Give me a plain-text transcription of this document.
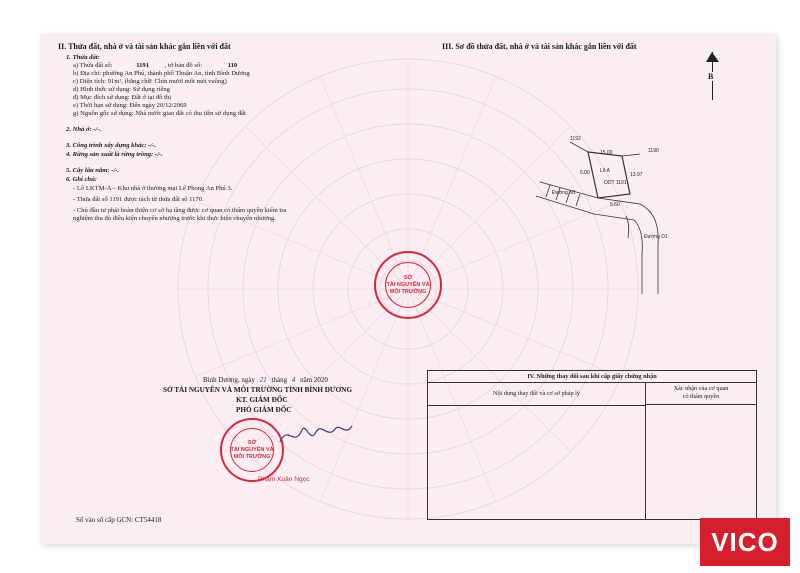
II. Thửa đất, nhà ở và tài sản khác gắn liền với đất
1. Thửa đất:
a) Thửa đất số:	1191 , tờ bản đồ số:	110
b) Địa chỉ: phường An Phú, thành phố Thuận An, tỉnh Bình Dương
c) Diện tích: 91m², (bằng chữ: Chín mươi mốt mét vuông)
d) Hình thức sử dụng: Sử dụng riêng
đ) Mục đích sử dụng: Đất ở tại đô thị
e) Thời hạn sử dụng: Đến ngày 20/12/2069
g) Nguồn gốc sử dụng: Nhà nước giao đất có thu tiền sử dụng đất
2. Nhà ở: -/-.
3. Công trình xây dựng khác: -/-.
4. Rừng sản xuất là rừng trồng: -/-.
5. Cây lâu năm: -/-.
6. Ghi chú:
- Lô LKTM-A – Khu nhà ở thương mại Lê Phong An Phú 3.
- Thửa đất số 1191 được tách từ thửa đất số 1170.
- Chủ đầu tư phải hoàn thiện cơ sở hạ tầng được cơ quan có thẩm quyền kiểm tra
nghiệm thu đủ điều kiện chuyển nhượng trước khi thực hiện chuyển nhượng.
III. Sơ đồ thửa đất, nhà ở và tài sản khác gắn liền với đất
B
1192
1190
Lô A
15.00
5.00
5.60
13.97
ODT 1191
Đường N1
Đường D1
SỞ
TÀI NGUYÊN VÀ
MÔI TRƯỜNG
Bình Dương, ngày 21 tháng 4 năm 2020
SỞ TÀI NGUYÊN VÀ MÔI TRƯỜNG TỈNH BÌNH DƯƠNG
KT. GIÁM ĐỐC
PHÓ GIÁM ĐỐC
SỞ
TÀI NGUYÊN VÀ
MÔI TRƯỜNG
Phạm Xuân Ngọc
Số vào sổ cấp GCN: CT54418
IV. Những thay đổi sau khi cấp giấy chứng nhận
Nội dung thay đổi và cơ sở pháp lý
Xác nhận của cơ quan
có thẩm quyền
VICO
